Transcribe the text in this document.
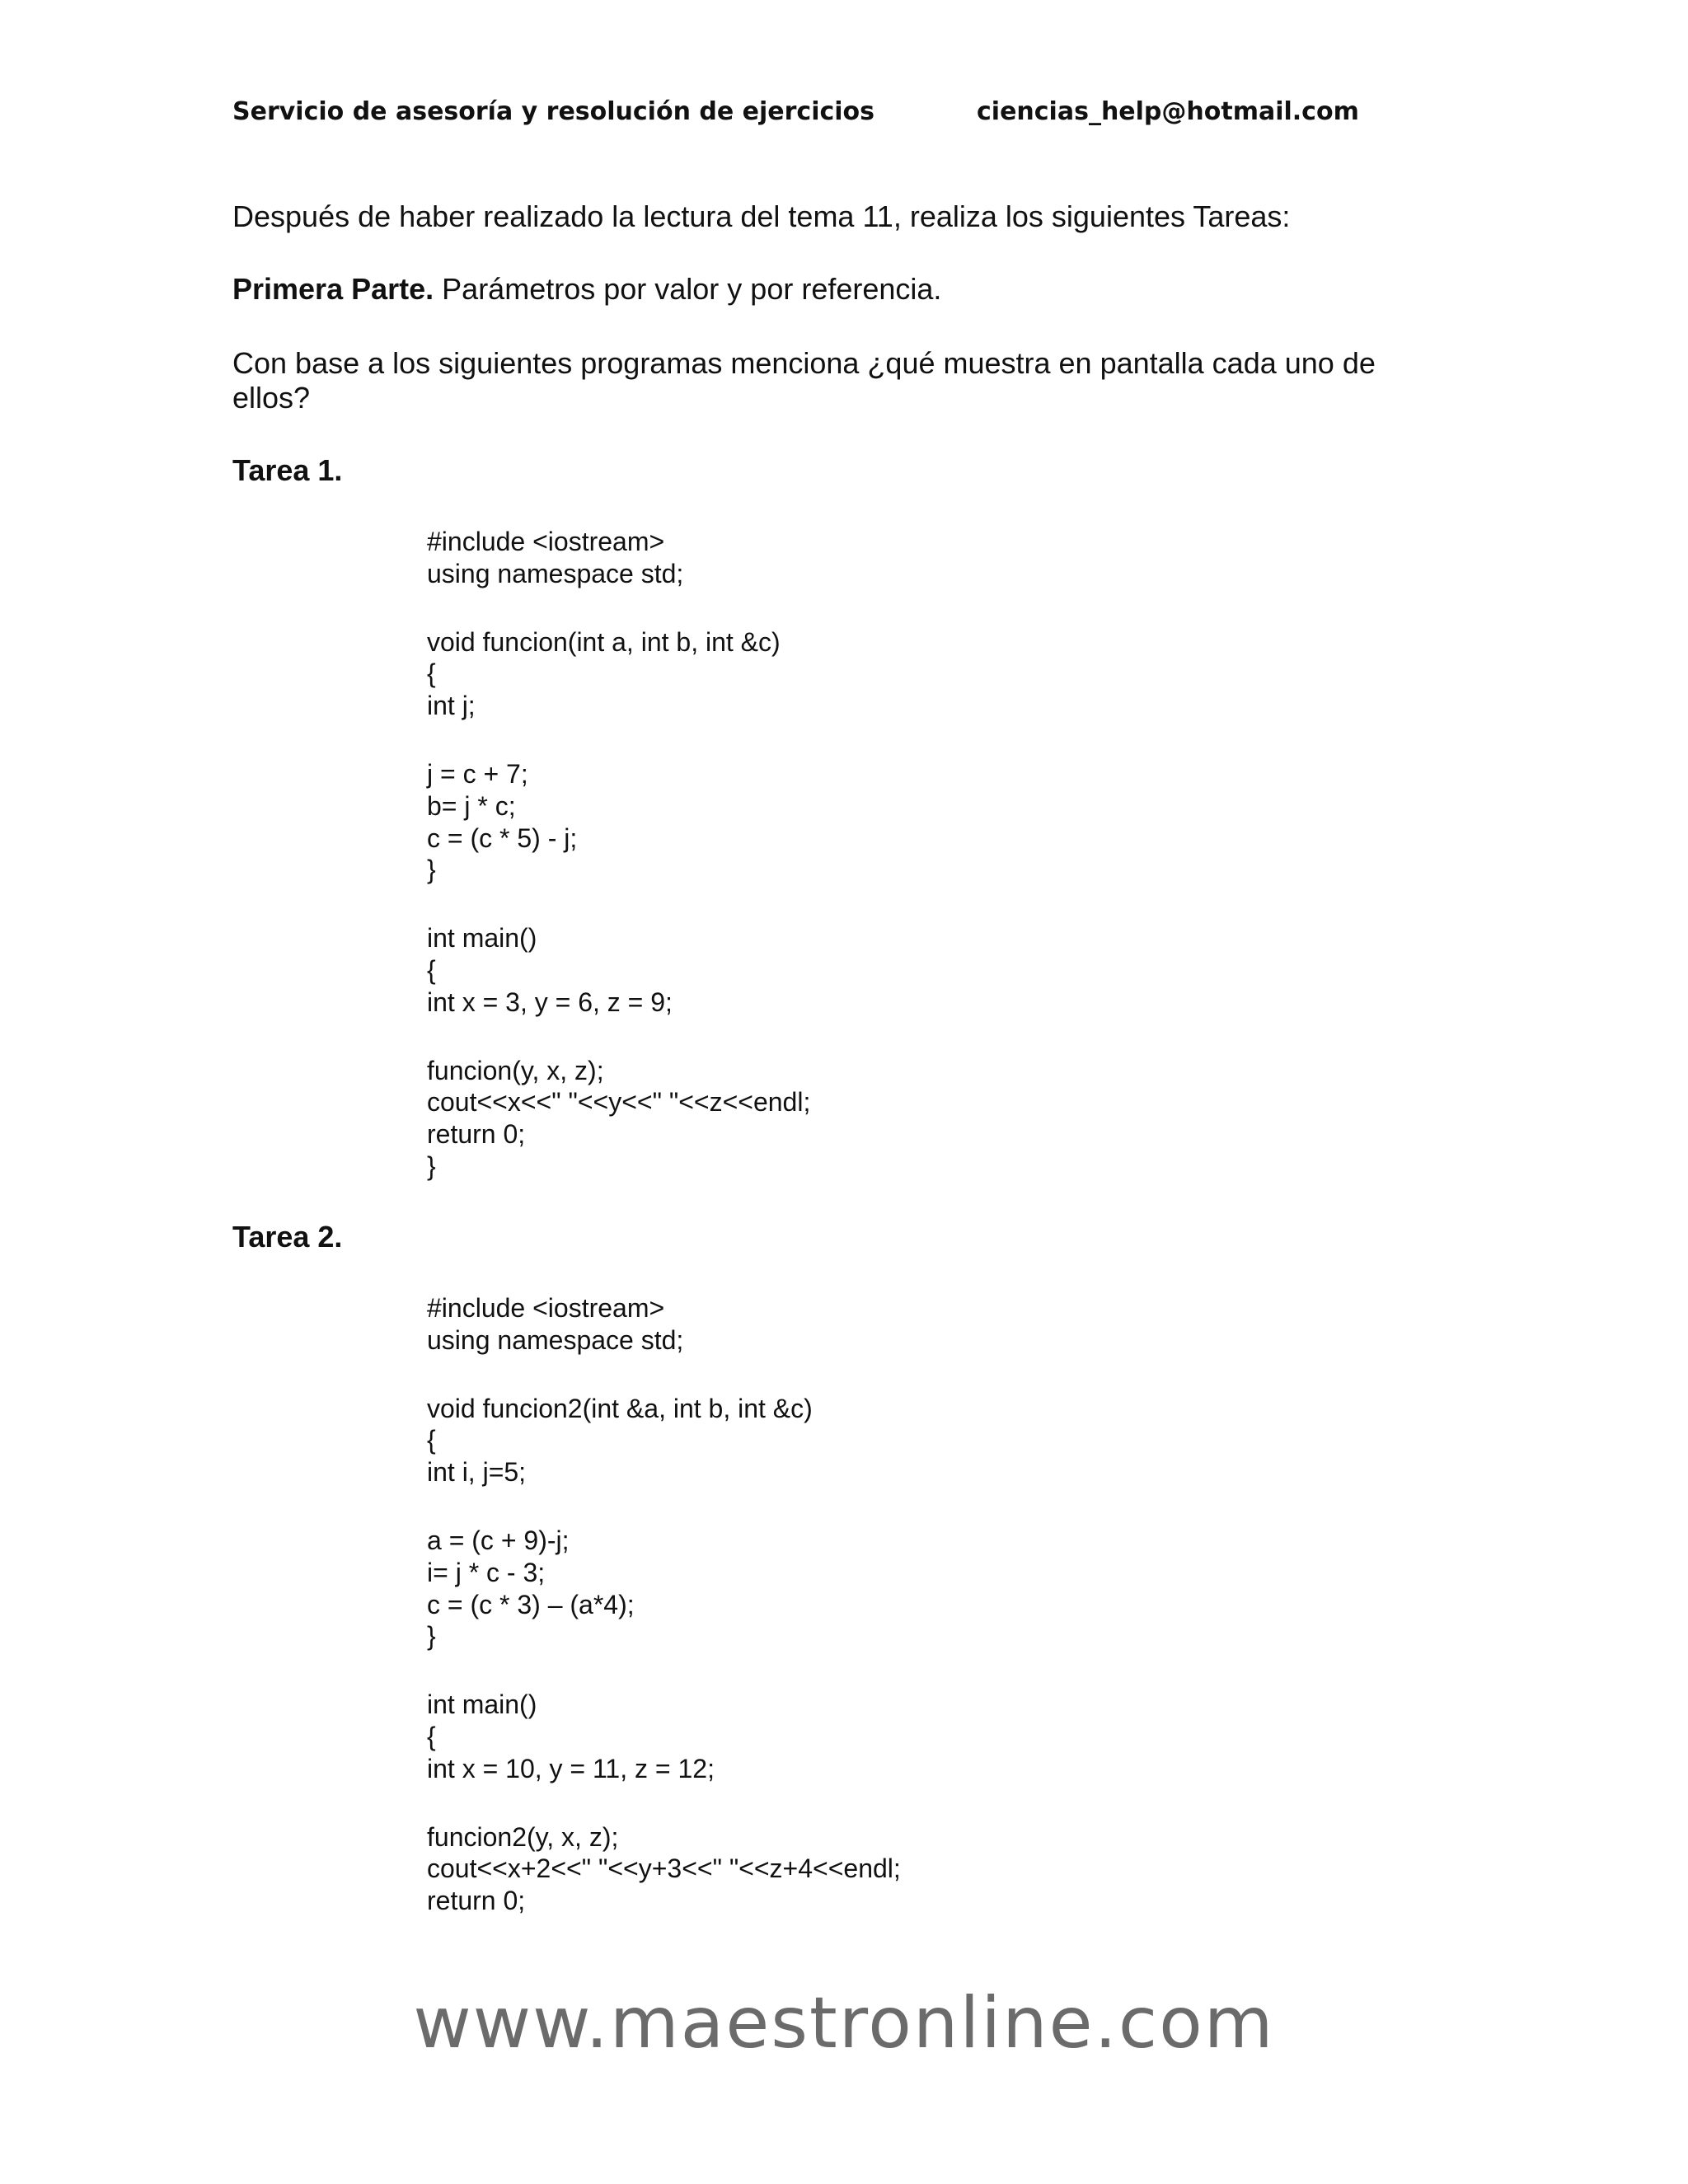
Servicio de asesoría y resolución de ejercicios	ciencias_help@hotmail.com
Después de haber realizado la lectura del tema 11, realiza los siguientes Tareas:
Primera Parte. Parámetros por valor y por referencia.
Con base a los siguientes programas menciona ¿qué muestra en pantalla cada uno de ellos?
Tarea 1.
#include <iostream>
using namespace std;
void funcion(int a, int b, int &c)
{
int j;
j = c + 7;
b= j * c;
c = (c * 5) - j;
}
int main()
{
int x = 3, y = 6, z = 9;
funcion(y, x, z);
cout<<x<<" "<<y<<" "<<z<<endl;
return 0;
}
Tarea 2.
#include <iostream>
using namespace std;
void funcion2(int &a, int b, int &c)
{
int i, j=5;
a = (c + 9)-j;
i= j * c - 3;
c = (c * 3) – (a*4);
}
int main()
{
int x = 10, y = 11, z = 12;
funcion2(y, x, z);
cout<<x+2<<" "<<y+3<<" "<<z+4<<endl;
return 0;
www.maestronline.com
